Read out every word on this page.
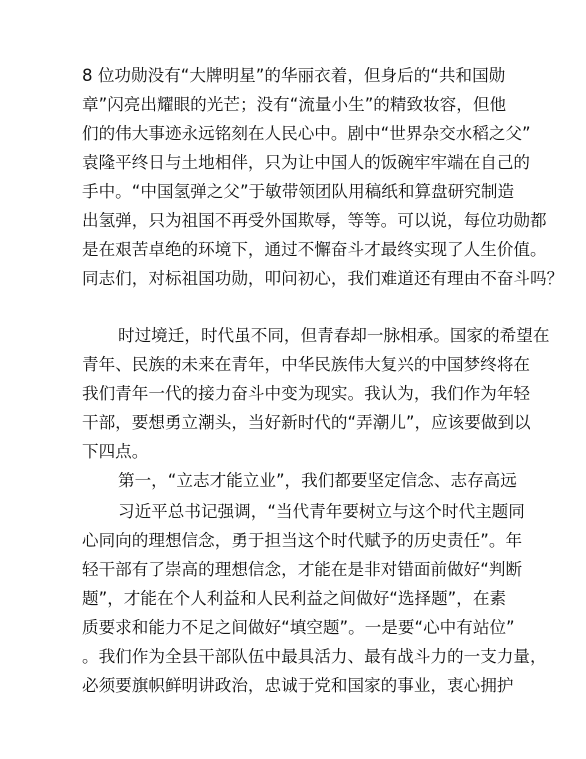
8 位功勋没有“大牌明星”的华丽衣着，但身后的“共和国勋
章”闪亮出耀眼的光芒；没有“流量小生”的精致妆容，但他
们的伟大事迹永远铭刻在人民心中。剧中“世界杂交水稻之父”
袁隆平终日与土地相伴，只为让中国人的饭碗牢牢端在自己的
手中。“中国氢弹之父”于敏带领团队用稿纸和算盘研究制造
出氢弹，只为祖国不再受外国欺辱，等等。可以说，每位功勋都
是在艰苦卓绝的环境下，通过不懈奋斗才最终实现了人生价值。
同志们，对标祖国功勋，叩问初心，我们难道还有理由不奋斗吗？
时过境迁，时代虽不同，但青春却一脉相承。国家的希望在
青年、民族的未来在青年，中华民族伟大复兴的中国梦终将在
我们青年一代的接力奋斗中变为现实。我认为，我们作为年轻
干部，要想勇立潮头，当好新时代的“弄潮儿”，应该要做到以
下四点。
第一，“立志才能立业”，我们都要坚定信念、志存高远
习近平总书记强调，“当代青年要树立与这个时代主题同
心同向的理想信念，勇于担当这个时代赋予的历史责任”。年
轻干部有了崇高的理想信念，才能在是非对错面前做好“判断
题”，才能在个人利益和人民利益之间做好“选择题”，在素
质要求和能力不足之间做好“填空题”。一是要“心中有站位”
。我们作为全县干部队伍中最具活力、最有战斗力的一支力量，
必须要旗帜鲜明讲政治，忠诚于党和国家的事业，衷心拥护
